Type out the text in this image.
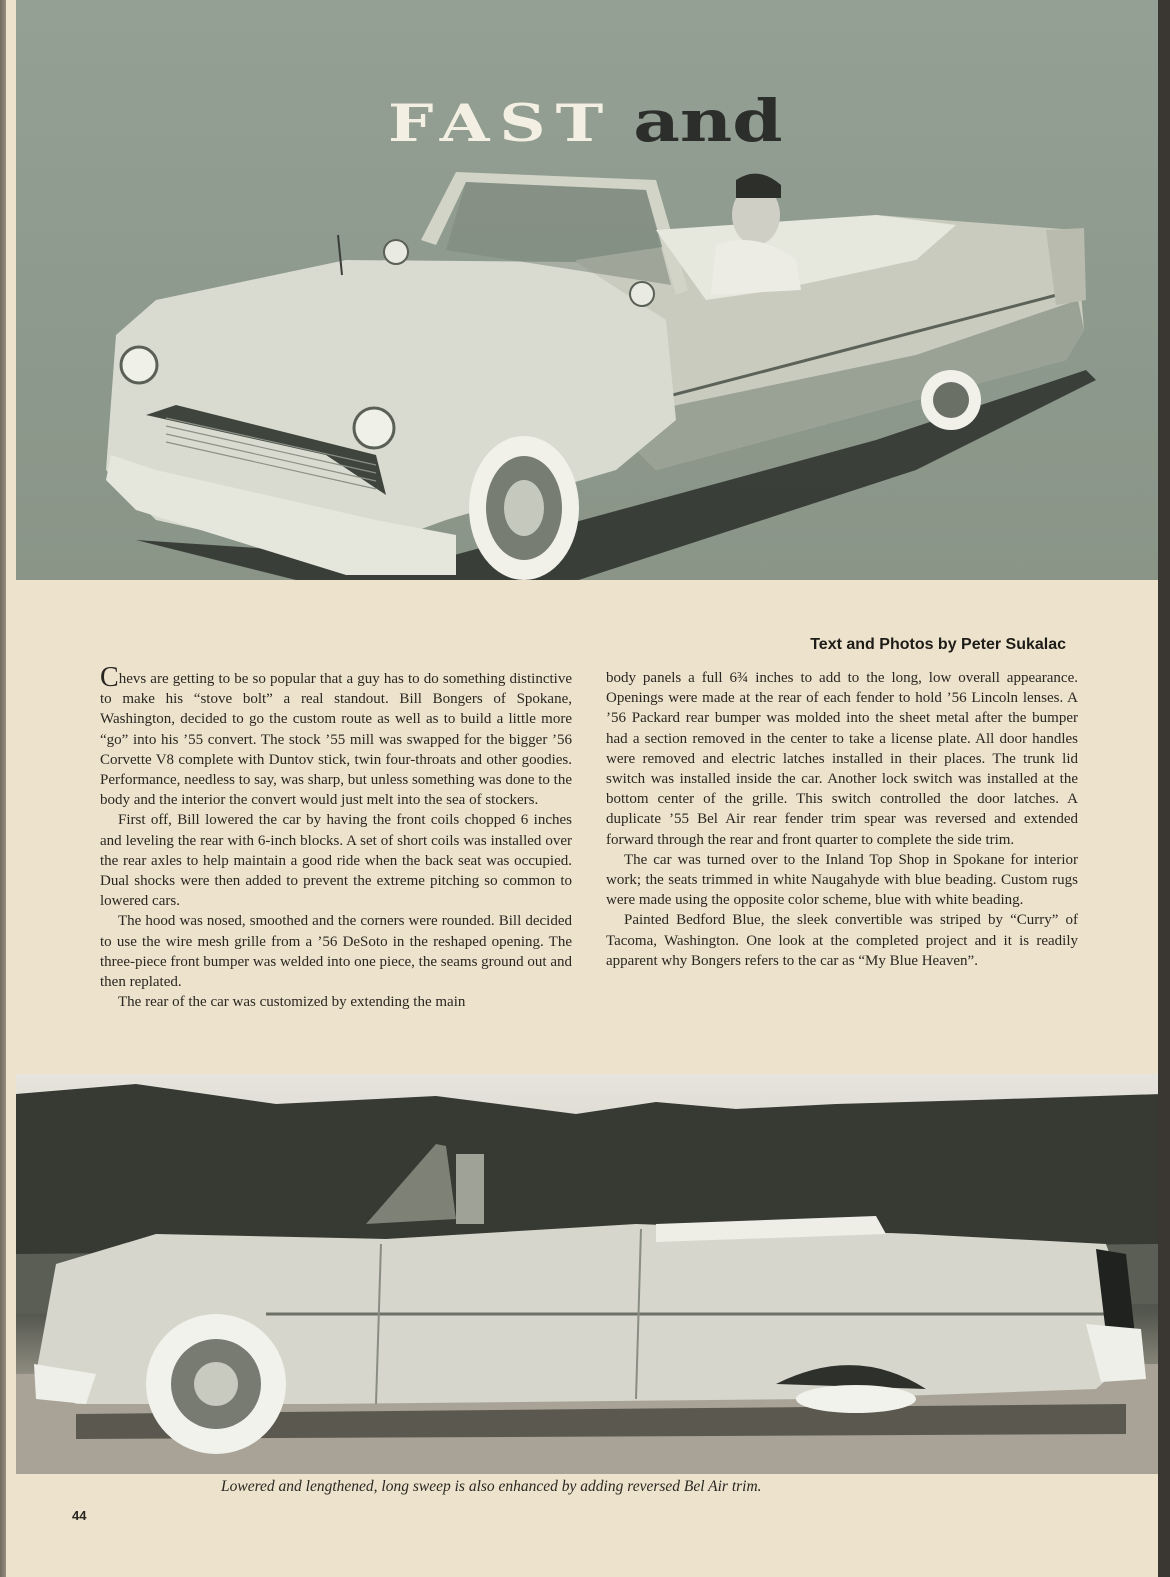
FAST and
Text and Photos by Peter Sukalac

Chevs are getting to be so popular that a guy has to do something distinctive to make his “stove bolt” a real standout. Bill Bongers of Spokane, Washington, decided to go the custom route as well as to build a little more “go” into his ’55 convert. The stock ’55 mill was swapped for the bigger ’56 Corvette V8 complete with Duntov stick, twin four-throats and other goodies. Performance, needless to say, was sharp, but unless something was done to the body and the interior the convert would just melt into the sea of stockers.

First off, Bill lowered the car by having the front coils chopped 6 inches and leveling the rear with 6-inch blocks. A set of short coils was installed over the rear axles to help maintain a good ride when the back seat was occupied. Dual shocks were then added to prevent the extreme pitching so common to lowered cars.

The hood was nosed, smoothed and the corners were rounded. Bill decided to use the wire mesh grille from a ’56 DeSoto in the reshaped opening. The three-piece front bumper was welded into one piece, the seams ground out and then replated.

The rear of the car was customized by extending the main

body panels a full 6¾ inches to add to the long, low overall appearance. Openings were made at the rear of each fender to hold ’56 Lincoln lenses. A ’56 Packard rear bumper was molded into the sheet metal after the bumper had a section removed in the center to take a license plate. All door handles were removed and electric latches installed in their places. The trunk lid switch was installed inside the car. Another lock switch was installed at the bottom center of the grille. This switch controlled the door latches. A duplicate ’55 Bel Air rear fender trim spear was reversed and extended forward through the rear and front quarter to complete the side trim.

The car was turned over to the Inland Top Shop in Spokane for interior work; the seats trimmed in white Naugahyde with blue beading. Custom rugs were made using the opposite color scheme, blue with white beading.

Painted Bedford Blue, the sleek convertible was striped by “Curry” of Tacoma, Washington. One look at the completed project and it is readily apparent why Bongers refers to the car as “My Blue Heaven”.

Lowered and lengthened, long sweep is also enhanced by adding reversed Bel Air trim.
44
